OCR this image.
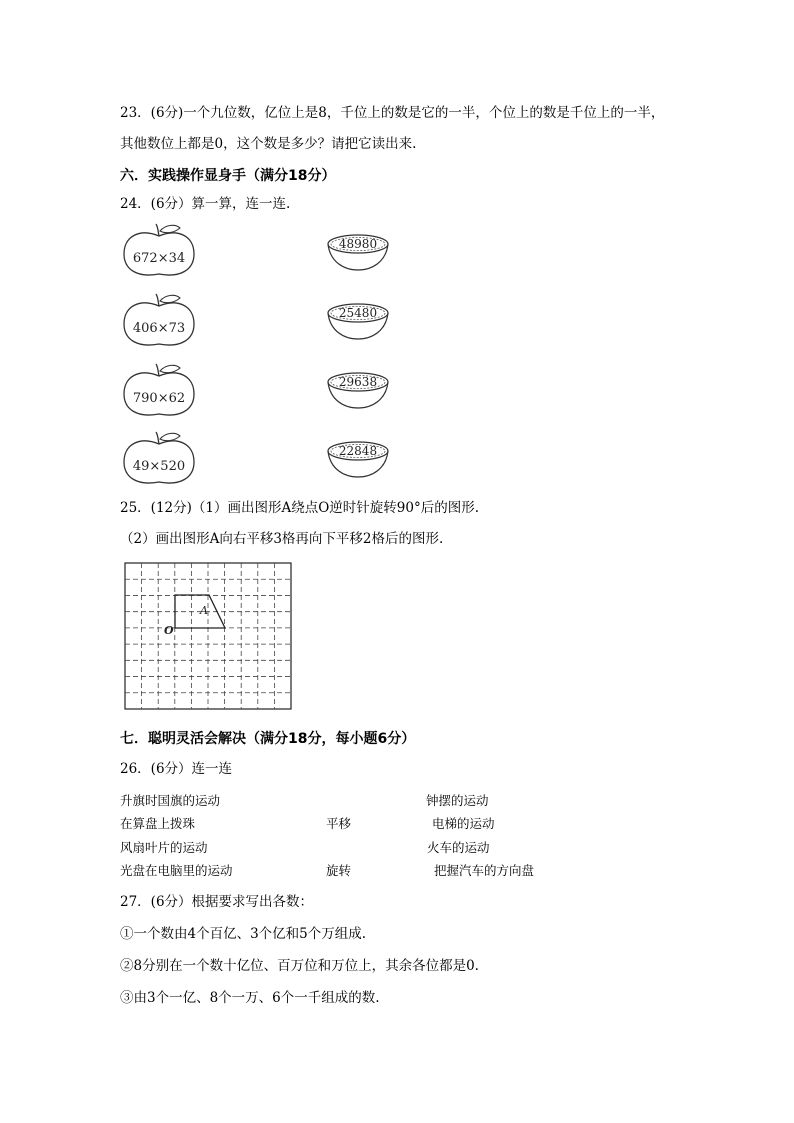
23．(6分)一个九位数，亿位上是8，千位上的数是它的一半，个位上的数是千位上的一半，
其他数位上都是0，这个数是多少？请把它读出来.
六．实践操作显身手（满分18分）
24．(6分）算一算，连一连.
672×34
406×73
790×62
49×520
48980
25480
29638
22848
25．(12分)（1）画出图形A绕点O逆时针旋转90°后的图形.
（2）画出图形A向右平移3格再向下平移2格后的图形.
A
O
七．聪明灵活会解决（满分18分，每小题6分）
26．(6分）连一连
升旗时国旗的运动
在算盘上拨珠
风扇叶片的运动
光盘在电脑里的运动
平移
旋转
钟摆的运动
电梯的运动
火车的运动
把握汽车的方向盘
27．(6分）根据要求写出各数：
①一个数由4个百亿、3个亿和5个万组成.
②8分别在一个数十亿位、百万位和万位上，其余各位都是0.
③由3个一亿、8个一万、6个一千组成的数.
